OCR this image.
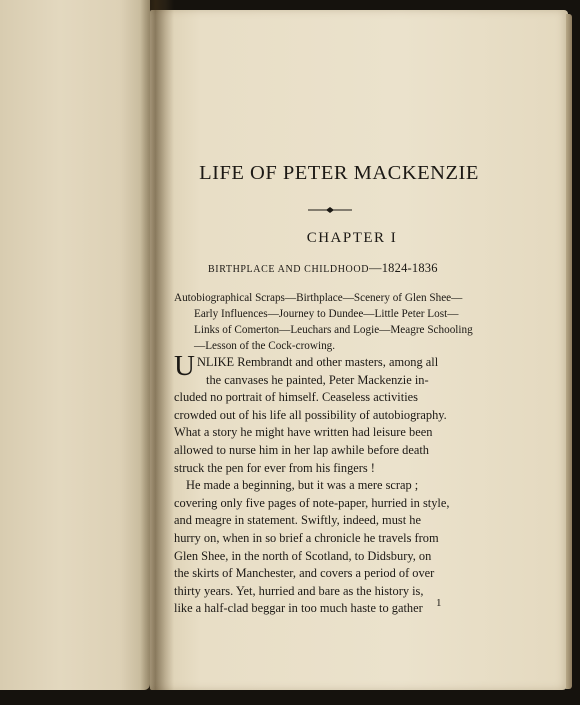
LIFE OF PETER MACKENZIE
CHAPTER I
BIRTHPLACE AND CHILDHOOD—1824-1836
Autobiographical Scraps—Birthplace—Scenery of Glen Shee—
Early Influences—Journey to Dundee—Little Peter Lost—
Links of Comerton—Leuchars and Logie—Meagre Schooling
—Lesson of the Cock-crowing.
U NLIKE Rembrandt and other masters, among all
the canvases he painted, Peter Mackenzie in-
cluded no portrait of himself. Ceaseless activities
crowded out of his life all possibility of autobiography.
What a story he might have written had leisure been
allowed to nurse him in her lap awhile before death
struck the pen for ever from his fingers !
He made a beginning, but it was a mere scrap ;
covering only five pages of note-paper, hurried in style,
and meagre in statement. Swiftly, indeed, must he
hurry on, when in so brief a chronicle he travels from
Glen Shee, in the north of Scotland, to Didsbury, on
the skirts of Manchester, and covers a period of over
thirty years. Yet, hurried and bare as the history is,
like a half-clad beggar in too much haste to gather	1
